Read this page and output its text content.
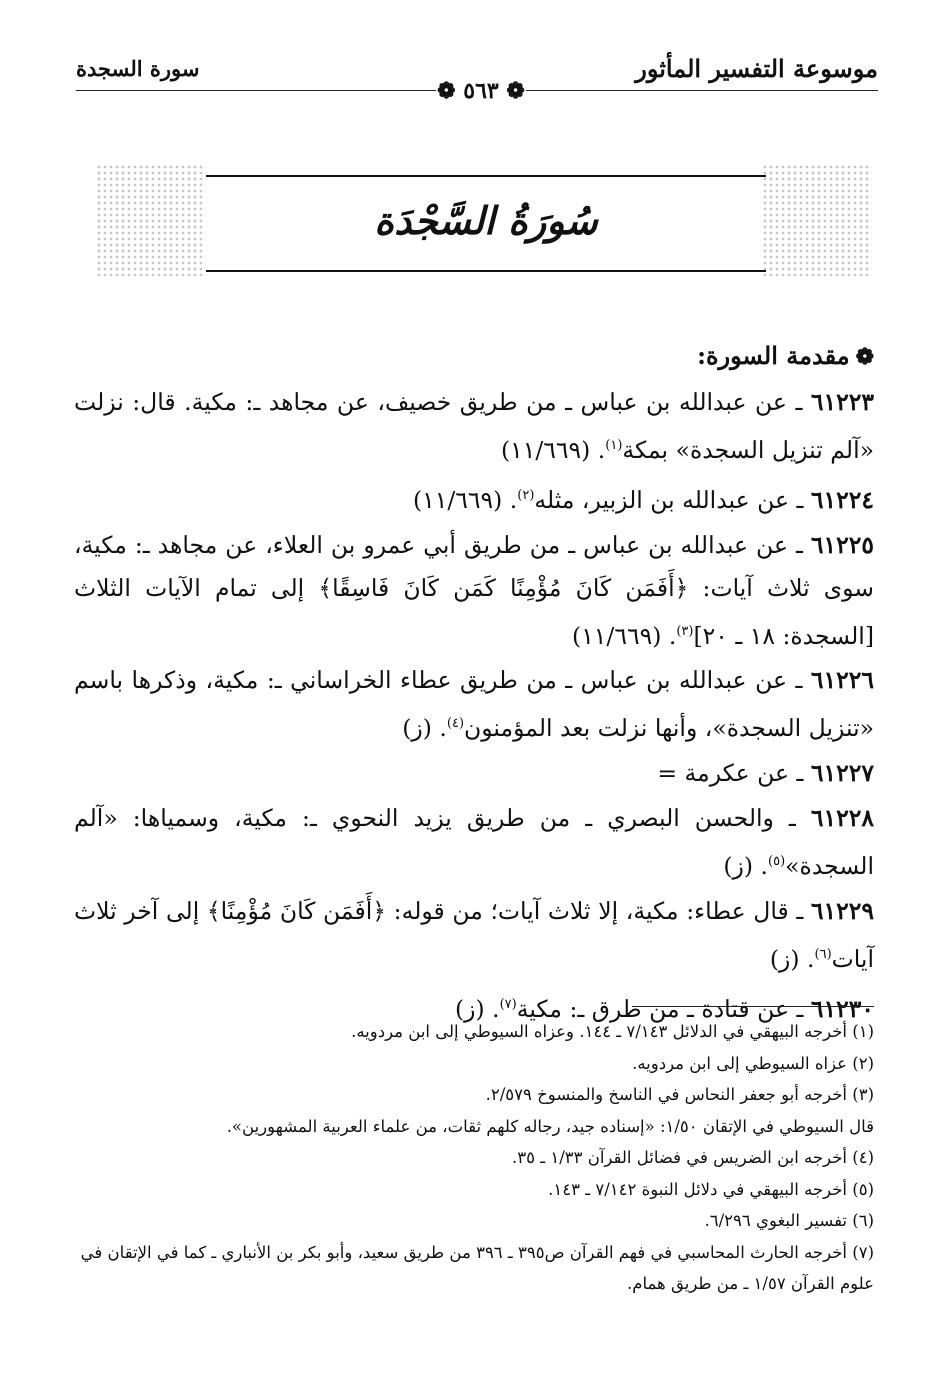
موسوعة التفسير المأثور
سورة السجدة
❁ ٥٦٣ ❁
سُورَةُ السَّجْدَة
❁مقدمة السورة:
٦١٢٢٣ ـ عن عبدالله بن عباس ـ من طريق خصيف، عن مجاهد ـ: مكية. قال: نزلت «آلم تنزيل السجدة» بمكة$^{(١)}$. (١١/٦٦٩)
٦١٢٢٤ ـ عن عبدالله بن الزبير، مثله$^{(٢)}$. (١١/٦٦٩)
٦١٢٢٥ ـ عن عبدالله بن عباس ـ من طريق أبي عمرو بن العلاء، عن مجاهد ـ: مكية، سوى ثلاث آيات: ﴿أَفَمَن كَانَ مُؤْمِنًا كَمَن كَانَ فَاسِقًا﴾ إلى تمام الآيات الثلاث [السجدة: ١٨ ـ ٢٠]$^{(٣)}$. (١١/٦٦٩)
٦١٢٢٦ ـ عن عبدالله بن عباس ـ من طريق عطاء الخراساني ـ: مكية، وذكرها باسم «تنزيل السجدة»، وأنها نزلت بعد المؤمنون$^{(٤)}$. (ز)
٦١٢٢٧ ـ عن عكرمة =
٦١٢٢٨ ـ والحسن البصري ـ من طريق يزيد النحوي ـ: مكية، وسمياها: «آلم السجدة»$^{(٥)}$. (ز)
٦١٢٢٩ ـ قال عطاء: مكية، إلا ثلاث آيات؛ من قوله: ﴿أَفَمَن كَانَ مُؤْمِنًا﴾ إلى آخر ثلاث آيات$^{(٦)}$. (ز)
٦١٢٣٠ ـ عن قتادة ـ من طرق ـ: مكية$^{(٧)}$. (ز)
(١) أخرجه البيهقي في الدلائل ٧/١٤٣ ـ ١٤٤. وعزاه السيوطي إلى ابن مردويه.
(٢) عزاه السيوطي إلى ابن مردويه.
(٣) أخرجه أبو جعفر النحاس في الناسخ والمنسوخ ٢/٥٧٩.
قال السيوطي في الإتقان ١/٥٠: «إسناده جيد، رجاله كلهم ثقات، من علماء العربية المشهورين».
(٤) أخرجه ابن الضريس في فضائل القرآن ١/٣٣ ـ ٣٥.
(٥) أخرجه البيهقي في دلائل النبوة ٧/١٤٢ ـ ١٤٣.
(٦) تفسير البغوي ٦/٢٩٦.
(٧) أخرجه الحارث المحاسبي في فهم القرآن ص٣٩٥ ـ ٣٩٦ من طريق سعيد، وأبو بكر بن الأنباري ـ كما في الإتقان في علوم القرآن ١/٥٧ ـ من طريق همام.
